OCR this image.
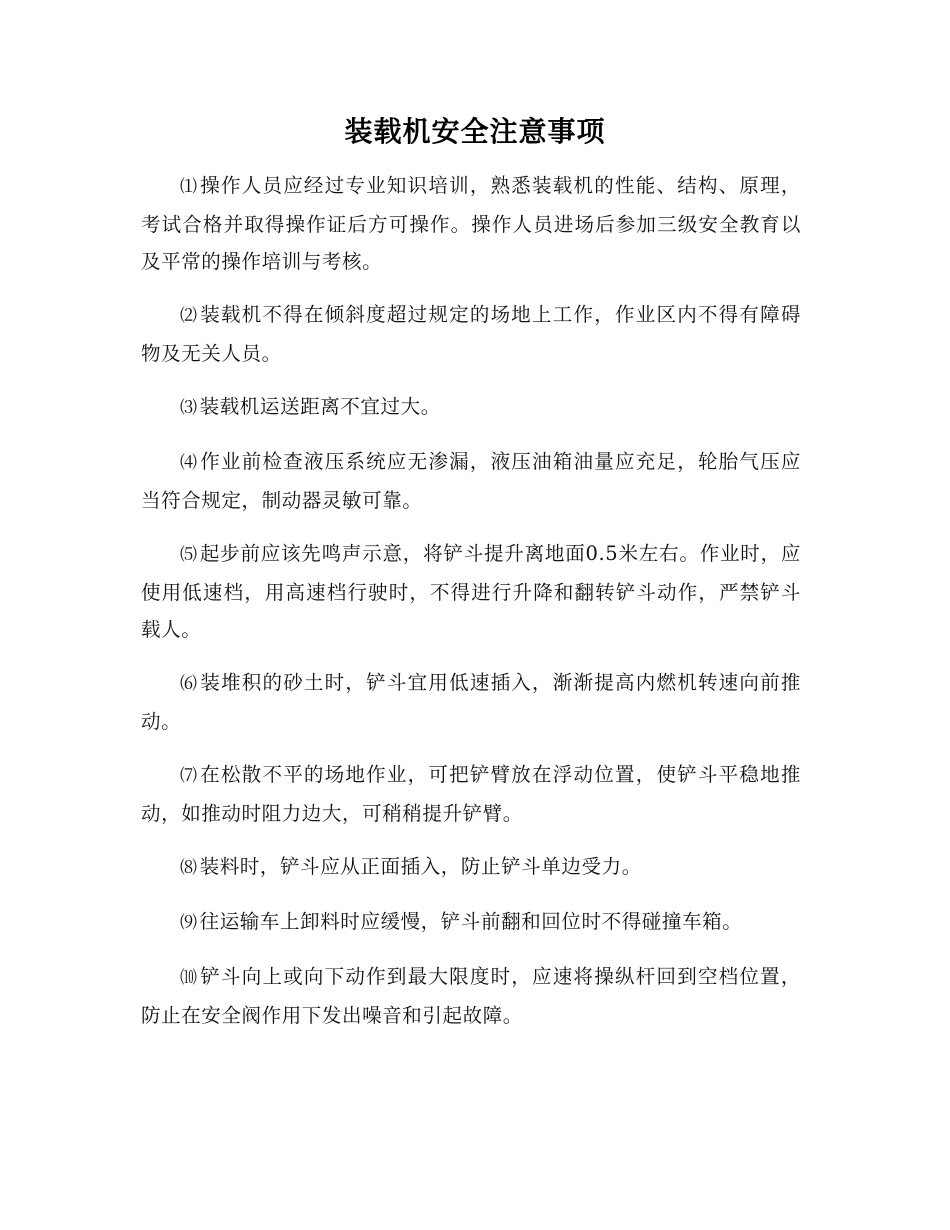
装载机安全注意事项

⑴ 操作人员应经过专业知识培训，熟悉装载机的性能、结构、原理，考试合格并取得操作证后方可操作。操作人员进场后参加三级安全教育以及平常的操作培训与考核。

⑵ 装载机不得在倾斜度超过规定的场地上工作，作业区内不得有障碍物及无关人员。

⑶ 装载机运送距离不宜过大。

⑷ 作业前检查液压系统应无渗漏，液压油箱油量应充足，轮胎气压应当符合规定，制动器灵敏可靠。

⑸ 起步前应该先鸣声示意，将铲斗提升离地面0.5米左右。作业时，应使用低速档，用高速档行驶时，不得进行升降和翻转铲斗动作，严禁铲斗载人。

⑹ 装堆积的砂土时，铲斗宜用低速插入，渐渐提高内燃机转速向前推动。

⑺ 在松散不平的场地作业，可把铲臂放在浮动位置，使铲斗平稳地推动，如推动时阻力边大，可稍稍提升铲臂。

⑻ 装料时，铲斗应从正面插入，防止铲斗单边受力。

⑼ 往运输车上卸料时应缓慢，铲斗前翻和回位时不得碰撞车箱。

⑽ 铲斗向上或向下动作到最大限度时，应速将操纵杆回到空档位置，防止在安全阀作用下发出噪音和引起故障。
